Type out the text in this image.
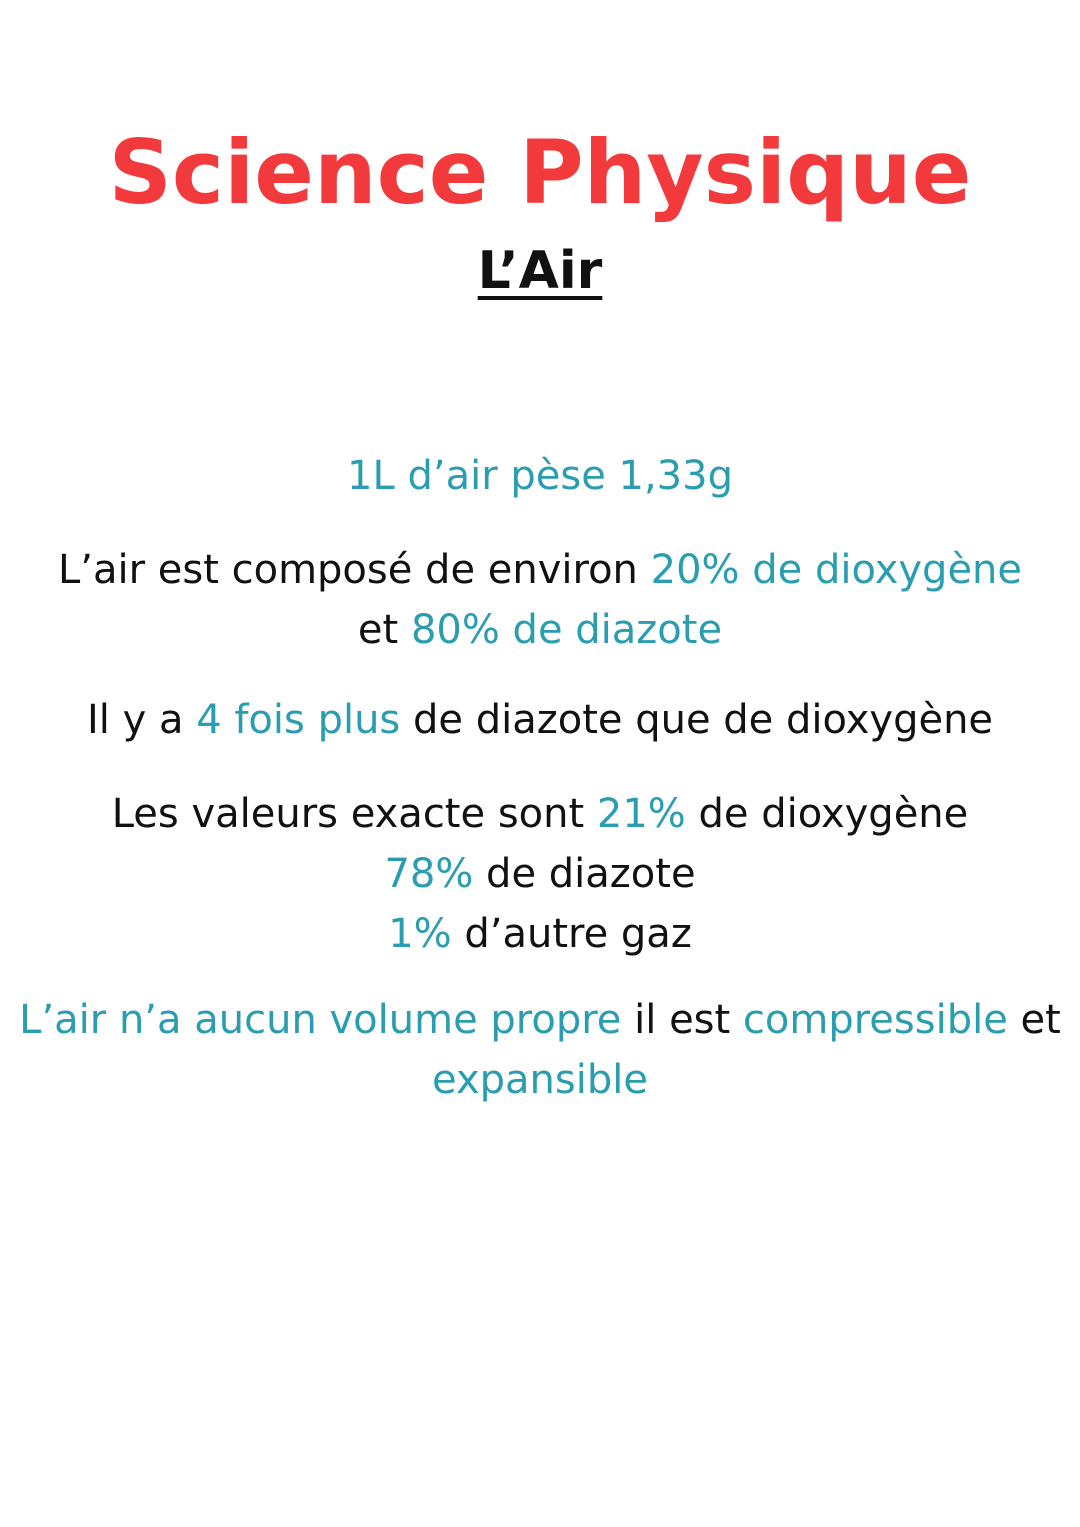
Science Physique
L’Air
1L d’air pèse 1,33g
L’air est composé de environ 20% de dioxygène
et 80% de diazote
Il y a 4 fois plus de diazote que de dioxygène
Les valeurs exacte sont 21% de dioxygène
78% de diazote
1% d’autre gaz
L’air n’a aucun volume propre il est compressible et
expansible
